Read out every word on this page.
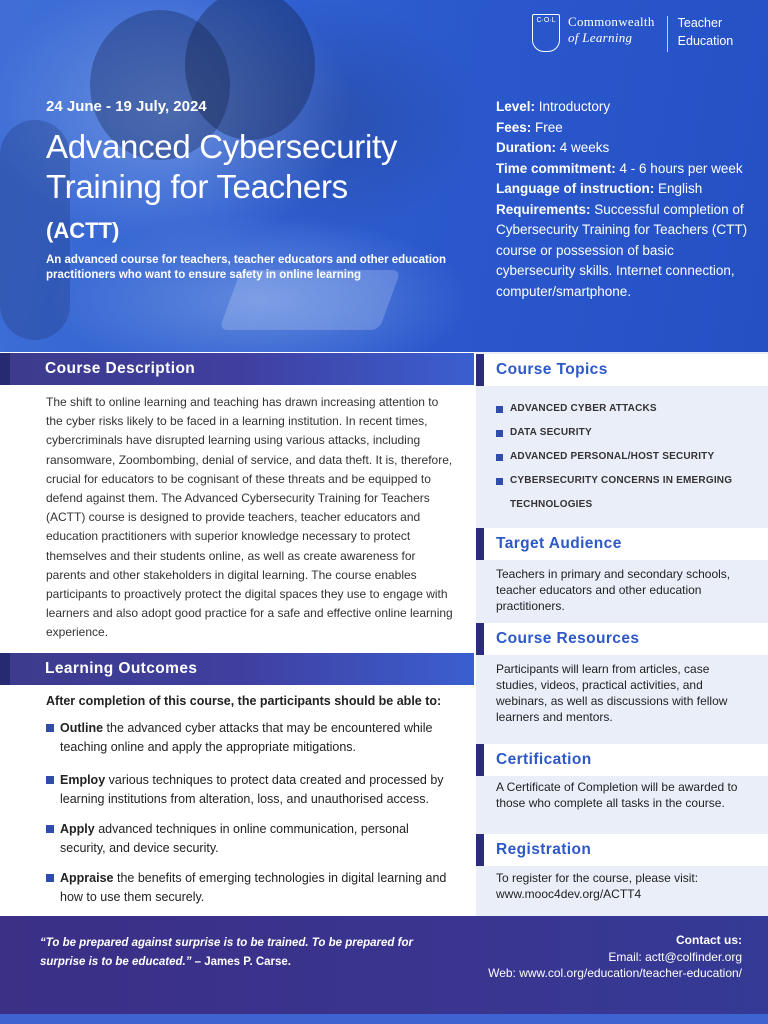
C·O·L Commonwealth
of Learning
Teacher
Education
24 June - 19 July, 2024
Advanced Cybersecurity Training for Teachers
(ACTT)
An advanced course for teachers, teacher educators and other education practitioners who want to ensure safety in online learning
Level: Introductory
Fees: Free
Duration: 4 weeks
Time commitment: 4 - 6 hours per week
Language of instruction: English
Requirements: Successful completion of Cybersecurity Training for Teachers (CTT) course or possession of basic cybersecurity skills. Internet connection, computer/smartphone.
Course Description
The shift to online learning and teaching has drawn increasing attention to the cyber risks likely to be faced in a learning institution. In recent times, cybercriminals have disrupted learning using various attacks, including ransomware, Zoombombing, denial of service, and data theft. It is, therefore, crucial for educators to be cognisant of these threats and be equipped to defend against them. The Advanced Cybersecurity Training for Teachers (ACTT) course is designed to provide teachers, teacher educators and education practitioners with superior knowledge necessary to protect themselves and their students online, as well as create awareness for parents and other stakeholders in digital learning. The course enables participants to proactively protect the digital spaces they use to engage with learners and also adopt good practice for a safe and effective online learning experience.
Learning Outcomes
After completion of this course, the participants should be able to:
Outline the advanced cyber attacks that may be encountered while teaching online and apply the appropriate mitigations.
Employ various techniques to protect data created and processed by learning institutions from alteration, loss, and unauthorised access.
Apply advanced techniques in online communication, personal security, and device security.
Appraise the benefits of emerging technologies in digital learning and how to use them securely.
Course Topics
ADVANCED CYBER ATTACKS
DATA SECURITY
ADVANCED PERSONAL/HOST SECURITY
CYBERSECURITY CONCERNS IN EMERGING
TECHNOLOGIES
Target Audience
Teachers in primary and secondary schools, teacher educators and other education practitioners.
Course Resources
Participants will learn from articles, case studies, videos, practical activities, and webinars, as well as discussions with fellow learners and mentors.
Certification
A Certificate of Completion will be awarded to those who complete all tasks in the course.
Registration
To register for the course, please visit:
www.mooc4dev.org/ACTT4
“To be prepared against surprise is to be trained. To be prepared for surprise is to be educated.” – James P. Carse.
Contact us:
Email: actt@colfinder.org
Web: www.col.org/education/teacher-education/
